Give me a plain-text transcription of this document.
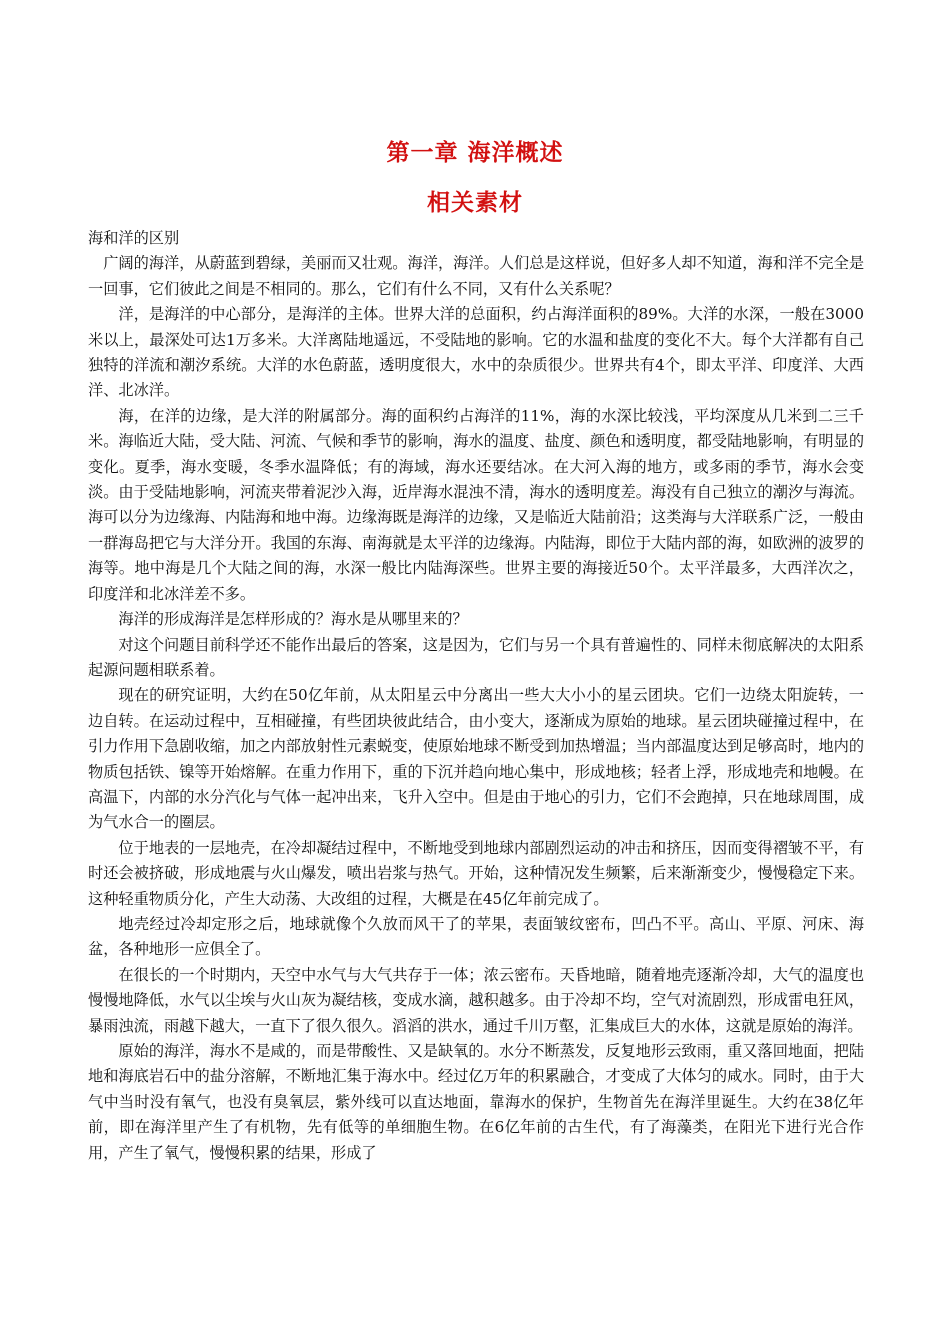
第一章 海洋概述
相关素材

海和洋的区别

广阔的海洋，从蔚蓝到碧绿，美丽而又壮观。海洋，海洋。人们总是这样说，但好多人却不知道，海和洋不完全是一回事，它们彼此之间是不相同的。那么，它们有什么不同，又有什么关系呢？

洋，是海洋的中心部分，是海洋的主体。世界大洋的总面积，约占海洋面积的89%。大洋的水深，一般在3000米以上，最深处可达1万多米。大洋离陆地遥远，不受陆地的影响。它的水温和盐度的变化不大。每个大洋都有自己独特的洋流和潮汐系统。大洋的水色蔚蓝，透明度很大，水中的杂质很少。世界共有4个，即太平洋、印度洋、大西洋、北冰洋。

海，在洋的边缘，是大洋的附属部分。海的面积约占海洋的11%，海的水深比较浅，平均深度从几米到二三千米。海临近大陆，受大陆、河流、气候和季节的影响，海水的温度、盐度、颜色和透明度，都受陆地影响，有明显的变化。夏季，海水变暖，冬季水温降低；有的海域，海水还要结冰。在大河入海的地方，或多雨的季节，海水会变淡。由于受陆地影响，河流夹带着泥沙入海，近岸海水混浊不清，海水的透明度差。海没有自己独立的潮汐与海流。海可以分为边缘海、内陆海和地中海。边缘海既是海洋的边缘，又是临近大陆前沿；这类海与大洋联系广泛，一般由一群海岛把它与大洋分开。我国的东海、南海就是太平洋的边缘海。内陆海，即位于大陆内部的海，如欧洲的波罗的海等。地中海是几个大陆之间的海，水深一般比内陆海深些。世界主要的海接近50个。太平洋最多，大西洋次之，印度洋和北冰洋差不多。

海洋的形成海洋是怎样形成的？海水是从哪里来的？

对这个问题目前科学还不能作出最后的答案，这是因为，它们与另一个具有普遍性的、同样未彻底解决的太阳系起源问题相联系着。

现在的研究证明，大约在50亿年前，从太阳星云中分离出一些大大小小的星云团块。它们一边绕太阳旋转，一边自转。在运动过程中，互相碰撞，有些团块彼此结合，由小变大，逐渐成为原始的地球。星云团块碰撞过程中，在引力作用下急剧收缩，加之内部放射性元素蜕变，使原始地球不断受到加热增温；当内部温度达到足够高时，地内的物质包括铁、镍等开始熔解。在重力作用下，重的下沉并趋向地心集中，形成地核；轻者上浮，形成地壳和地幔。在高温下，内部的水分汽化与气体一起冲出来，飞升入空中。但是由于地心的引力，它们不会跑掉，只在地球周围，成为气水合一的圈层。

位于地表的一层地壳，在冷却凝结过程中，不断地受到地球内部剧烈运动的冲击和挤压，因而变得褶皱不平，有时还会被挤破，形成地震与火山爆发，喷出岩浆与热气。开始，这种情况发生频繁，后来渐渐变少，慢慢稳定下来。这种轻重物质分化，产生大动荡、大改组的过程，大概是在45亿年前完成了。

地壳经过冷却定形之后，地球就像个久放而风干了的苹果，表面皱纹密布，凹凸不平。高山、平原、河床、海盆，各种地形一应俱全了。

在很长的一个时期内，天空中水气与大气共存于一体；浓云密布。天昏地暗，随着地壳逐渐冷却，大气的温度也慢慢地降低，水气以尘埃与火山灰为凝结核，变成水滴，越积越多。由于冷却不均，空气对流剧烈，形成雷电狂风，暴雨浊流，雨越下越大，一直下了很久很久。滔滔的洪水，通过千川万壑，汇集成巨大的水体，这就是原始的海洋。

原始的海洋，海水不是咸的，而是带酸性、又是缺氧的。水分不断蒸发，反复地形云致雨，重又落回地面，把陆地和海底岩石中的盐分溶解，不断地汇集于海水中。经过亿万年的积累融合，才变成了大体匀的咸水。同时，由于大气中当时没有氧气，也没有臭氧层，紫外线可以直达地面，靠海水的保护，生物首先在海洋里诞生。大约在38亿年前，即在海洋里产生了有机物，先有低等的单细胞生物。在6亿年前的古生代，有了海藻类，在阳光下进行光合作用，产生了氧气，慢慢积累的结果，形成了
